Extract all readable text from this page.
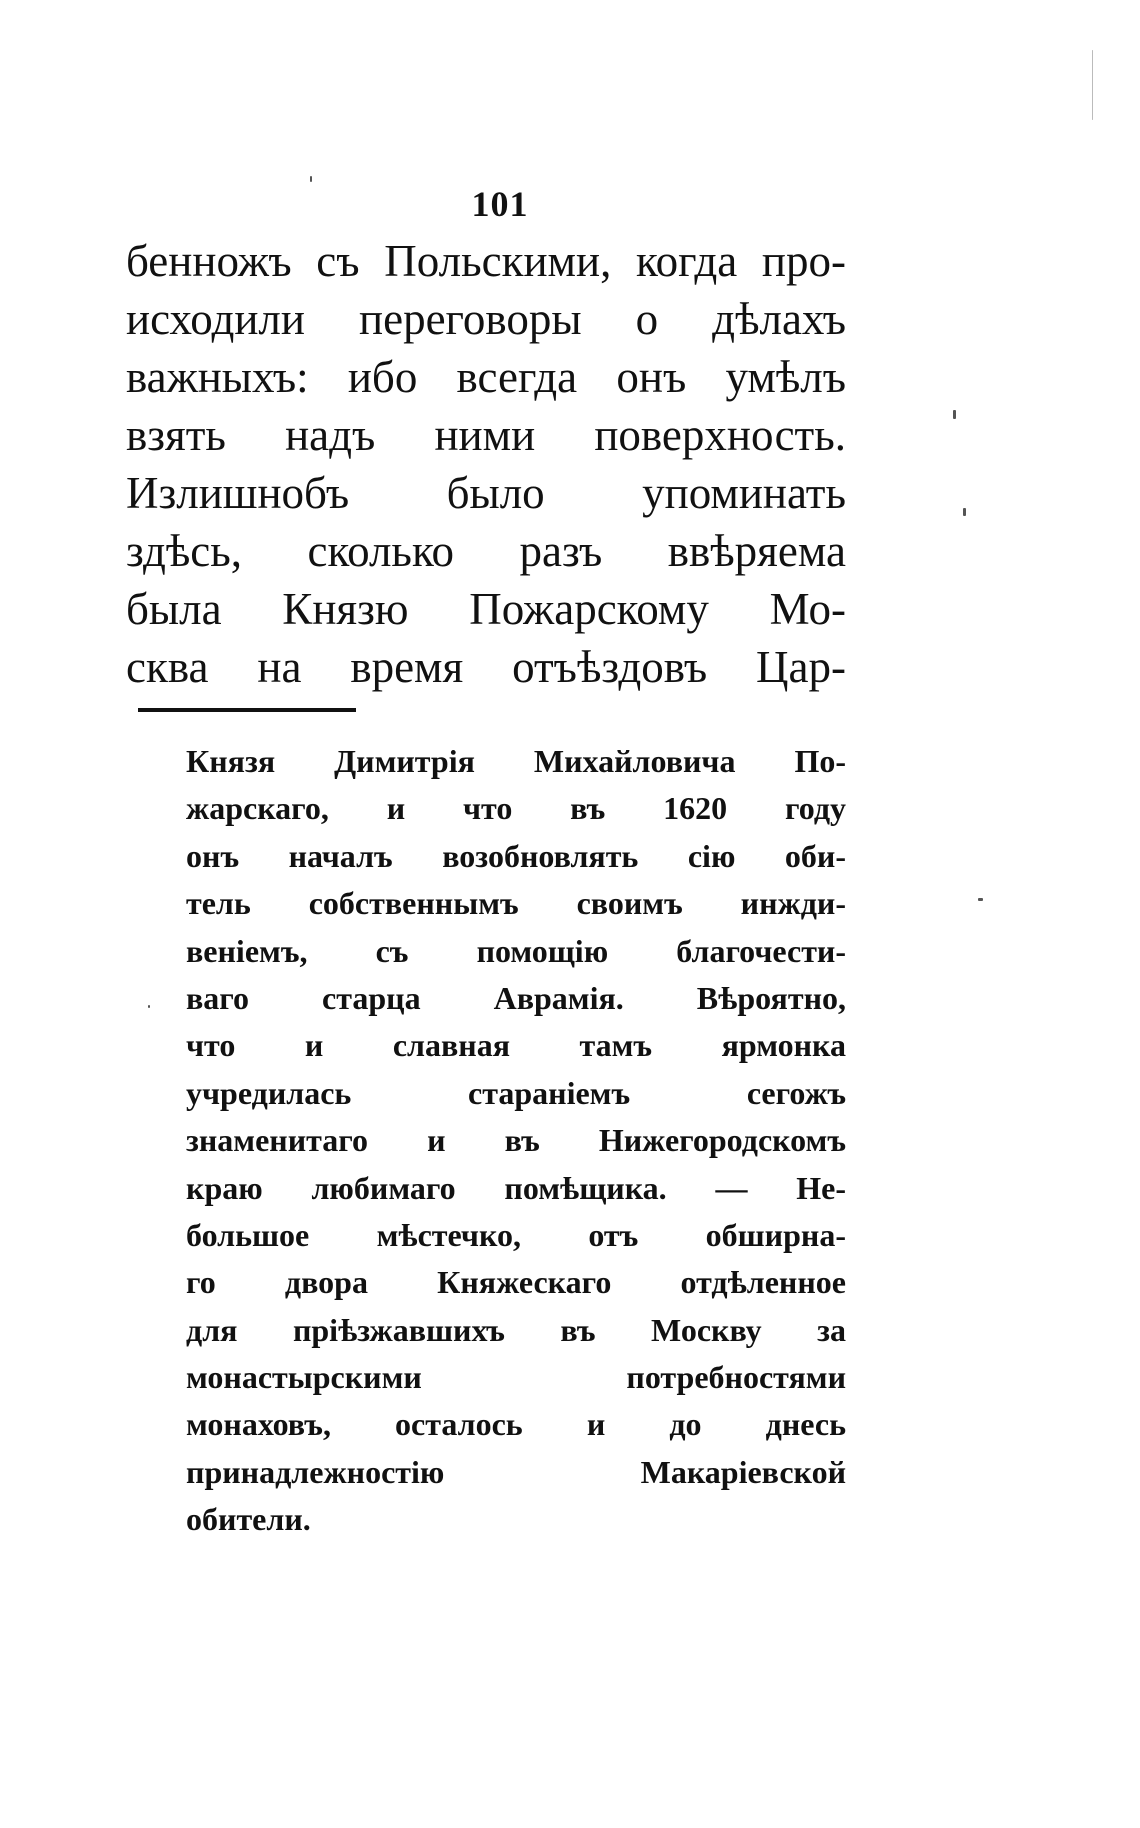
101
бенножъ съ Польскими, когда про-
исходили переговоры о дѣлахъ
важныхъ: ибо всегда онъ умѣлъ
взять надъ ними поверхность.
Излишнобъ было упоминать
здѣсь, сколько разъ ввѣряема
была Князю Пожарскому Мо-
сква на время отъѣздовъ Цар-
Князя Димитрія Михайловича По-
жарскаго, и что въ 1620 году
онъ началъ возобновлять сію оби-
тель собственнымъ своимъ инжди-
веніемъ, съ помощію благочести-
ваго старца Аврамія. Вѣроятно,
что и славная тамъ ярмонка
учредилась стараніемъ сегожъ
знаменитаго и въ Нижегородскомъ
краю любимаго помѣщика. — Не-
большое мѣстечко, отъ обширна-
го двора Княжескаго отдѣленное
для пріѣзжавшихъ въ Москву за
монастырскими потребностями
монаховъ, осталось и до днесь
принадлежностію Макаріевской
обители.
